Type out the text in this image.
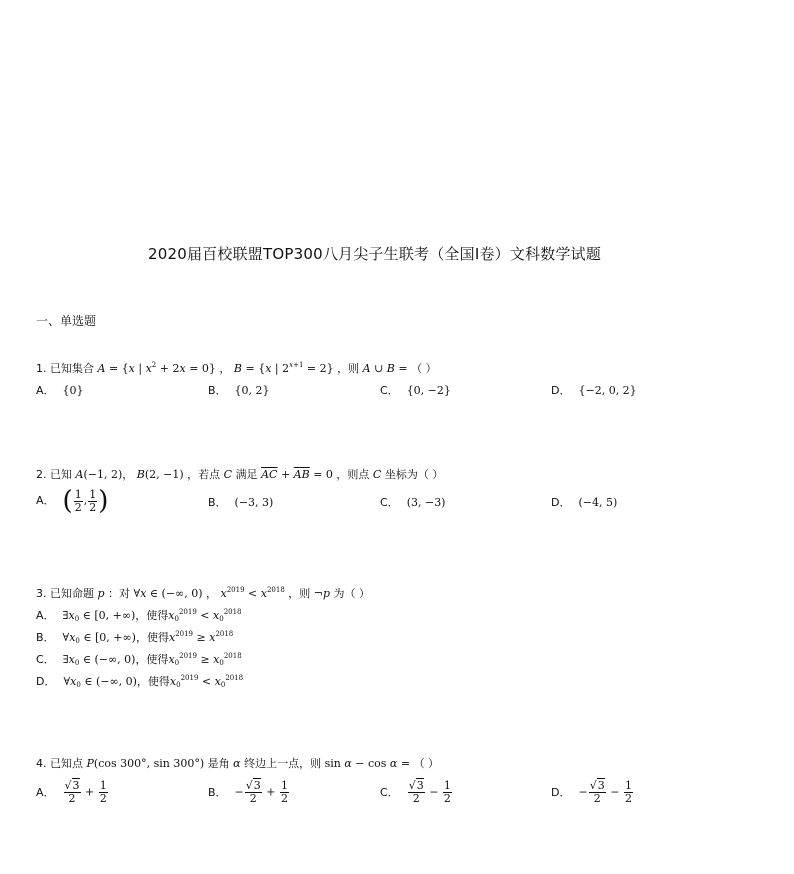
2020届百校联盟TOP300八月尖子生联考（全国I卷）文科数学试题
一、单选题
1. 已知集合 A = {x | $x^2 + 2x = 0$} ， B = {x | $2^{x+1} = 2$} ，则 A ∪ B = （ ）
A． {0}	B． {0, 2}	C． {0, −2}	D． {−2, 0, 2}
2. 已知 A(−1, 2)， B(2, −1) ，若点 C 满足 $\overline{AC} + \overline{AB} = 0$ ，则点 C 坐标为（ ）
A． ( $\frac{1}{2}$ , $\frac{1}{2}$ )	B． (−3, 3)	C． (3, −3)	D． (−4, 5)
3. 已知命题 p ：对 ∀x ∈ (−∞, 0) ， $x^{2019} < x^{2018}$ ，则 ¬p 为（ ）
A． $\exists x_0$ ∈ [0, +∞)，使得$x_0^{2019} < x_0^{2018}$
B． $\forall x_0$ ∈ [0, +∞)，使得$x^{2019} \ge x^{2018}$
C． $\exists x_0$ ∈ (−∞, 0)，使得$x_0^{2019} \ge x_0^{2018}$
D． $\forall x_0$ ∈ (−∞, 0)，使得$x_0^{2019} < x_0^{2018}$
4. 已知点 P(cos 300°, sin 300°) 是角 α 终边上一点，则 sin α − cos α = （ ）
A． $\frac{√3}{2} + \frac{1}{2}$	B． − $\frac{√3}{2} + \frac{1}{2}$	C． $\frac{√3}{2} - \frac{1}{2}$	D． − $\frac{√3}{2} - \frac{1}{2}$
